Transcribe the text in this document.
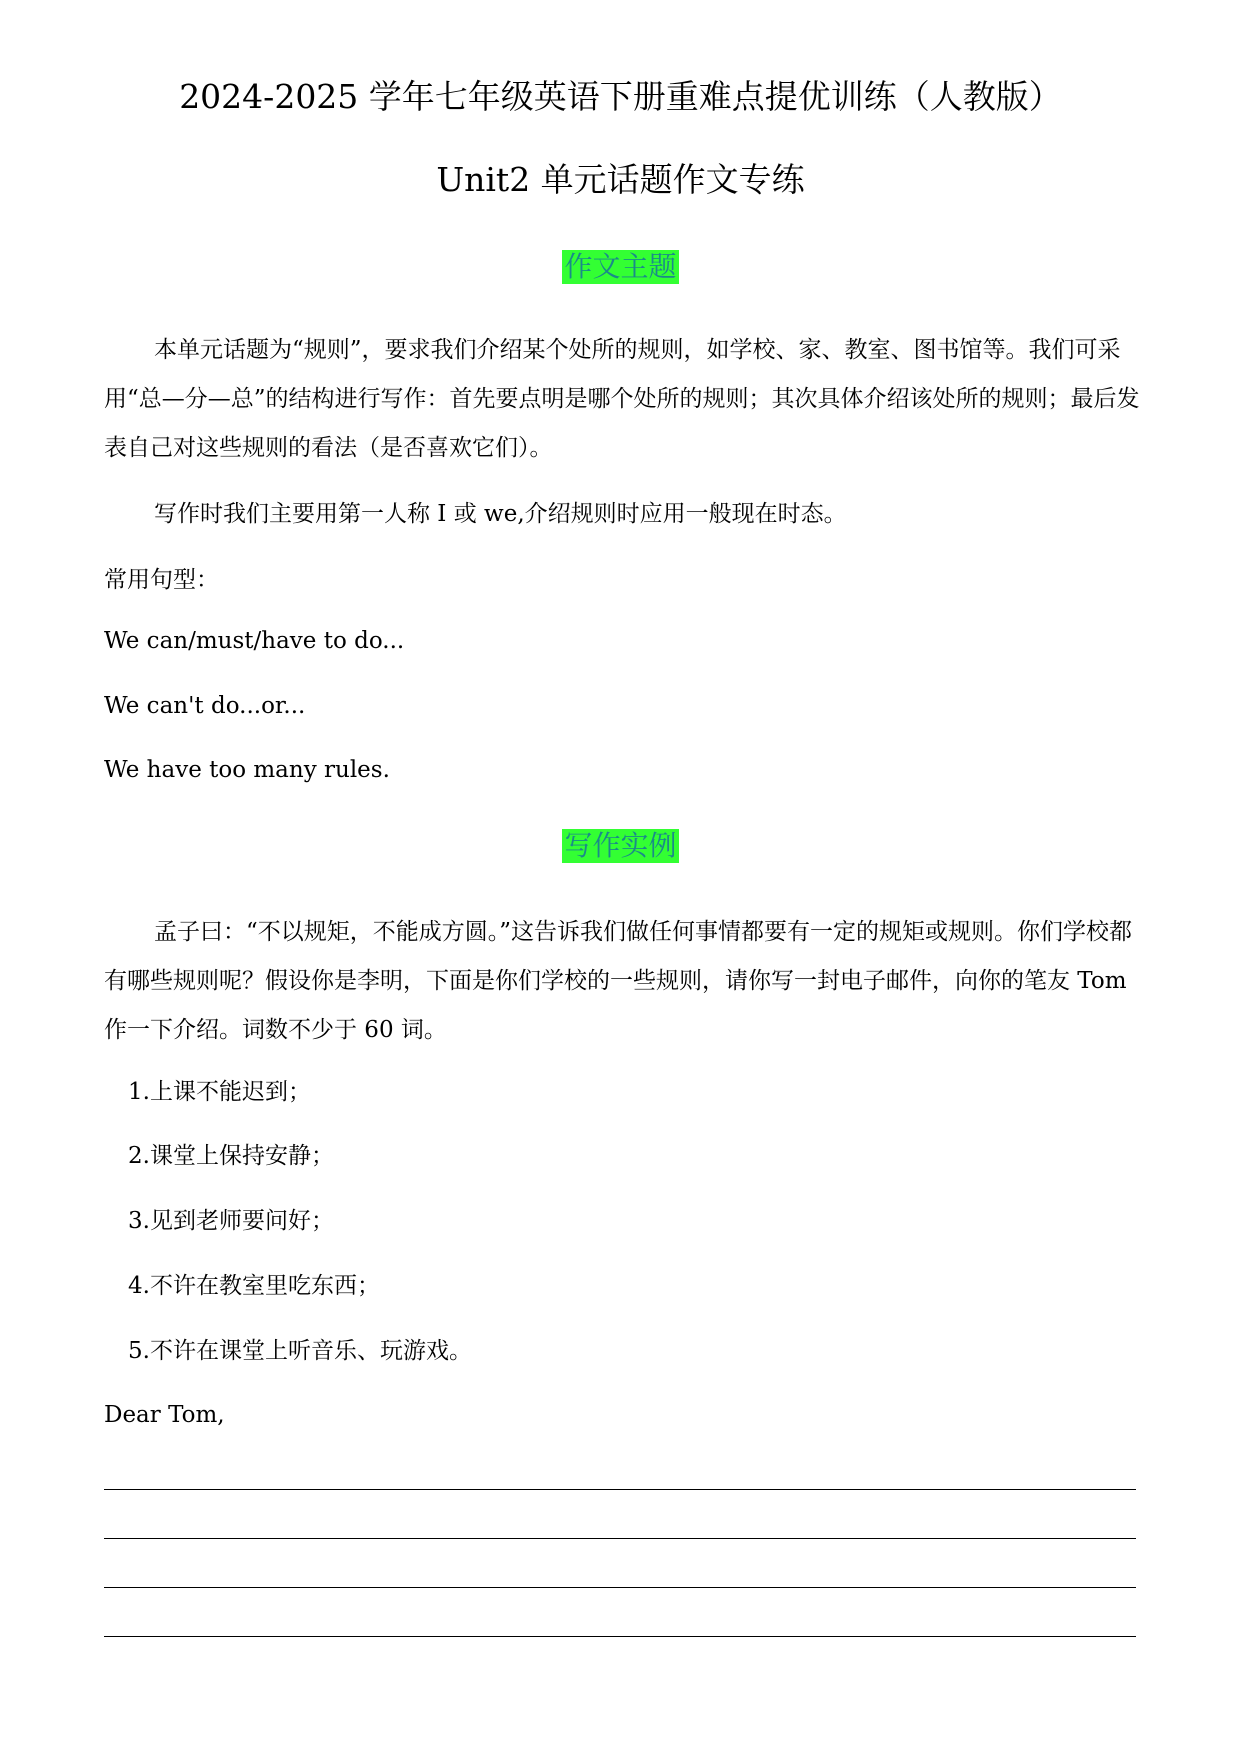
2024-2025 学年七年级英语下册重难点提优训练（人教版）
Unit2 单元话题作文专练
作文主题

本单元话题为“规则”，要求我们介绍某个处所的规则，如学校、家、教室、图书馆等。我们可采用“总—分—总”的结构进行写作：首先要点明是哪个处所的规则；其次具体介绍该处所的规则；最后发表自己对这些规则的看法（是否喜欢它们）。

写作时我们主要用第一人称 I 或 we,介绍规则时应用一般现在时态。

常用句型：
We can/must/have to do...
We can't do...or...
We have too many rules.
写作实例

孟子曰：“不以规矩，不能成方圆。”这告诉我们做任何事情都要有一定的规矩或规则。你们学校都有哪些规则呢？假设你是李明，下面是你们学校的一些规则，请你写一封电子邮件，向你的笔友 Tom 作一下介绍。词数不少于 60 词。

1.上课不能迟到；
2.课堂上保持安静；
3.见到老师要问好；
4.不许在教室里吃东西；
5.不许在课堂上听音乐、玩游戏。
Dear Tom,
